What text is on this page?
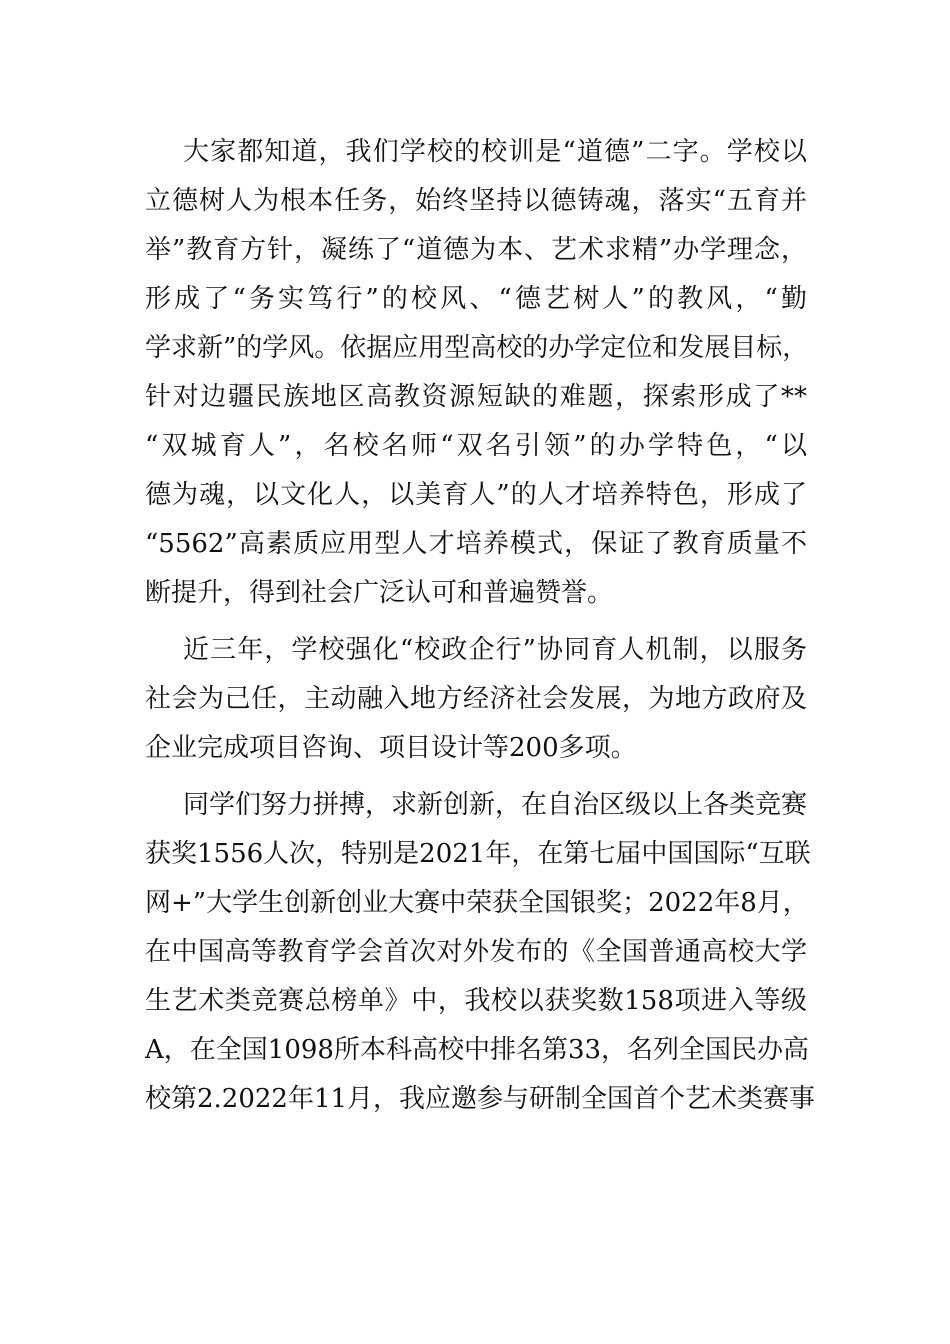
大家都知道，我们学校的校训是“道德”二字。学校以
立德树人为根本任务，始终坚持以德铸魂，落实“五育并
举”教育方针，凝练了“道德为本、艺术求精”办学理念，
形成了“务实笃行”的校风、“德艺树人”的教风，“勤
学求新”的学风。依据应用型高校的办学定位和发展目标，
针对边疆民族地区高教资源短缺的难题，探索形成了**
“双城育人”，名校名师“双名引领”的办学特色，“以
德为魂，以文化人，以美育人”的人才培养特色，形成了
“5562”高素质应用型人才培养模式，保证了教育质量不
断提升，得到社会广泛认可和普遍赞誉。

近三年，学校强化“校政企行”协同育人机制，以服务
社会为己任，主动融入地方经济社会发展，为地方政府及
企业完成项目咨询、项目设计等200多项。

同学们努力拼搏，求新创新，在自治区级以上各类竞赛
获奖1556人次，特别是2021年，在第七届中国国际“互联
网+”大学生创新创业大赛中荣获全国银奖；2022年8月，
在中国高等教育学会首次对外发布的《全国普通高校大学
生艺术类竞赛总榜单》中，我校以获奖数158项进入等级
A，在全国1098所本科高校中排名第33，名列全国民办高
校第2.2022年11月，我应邀参与研制全国首个艺术类赛事
